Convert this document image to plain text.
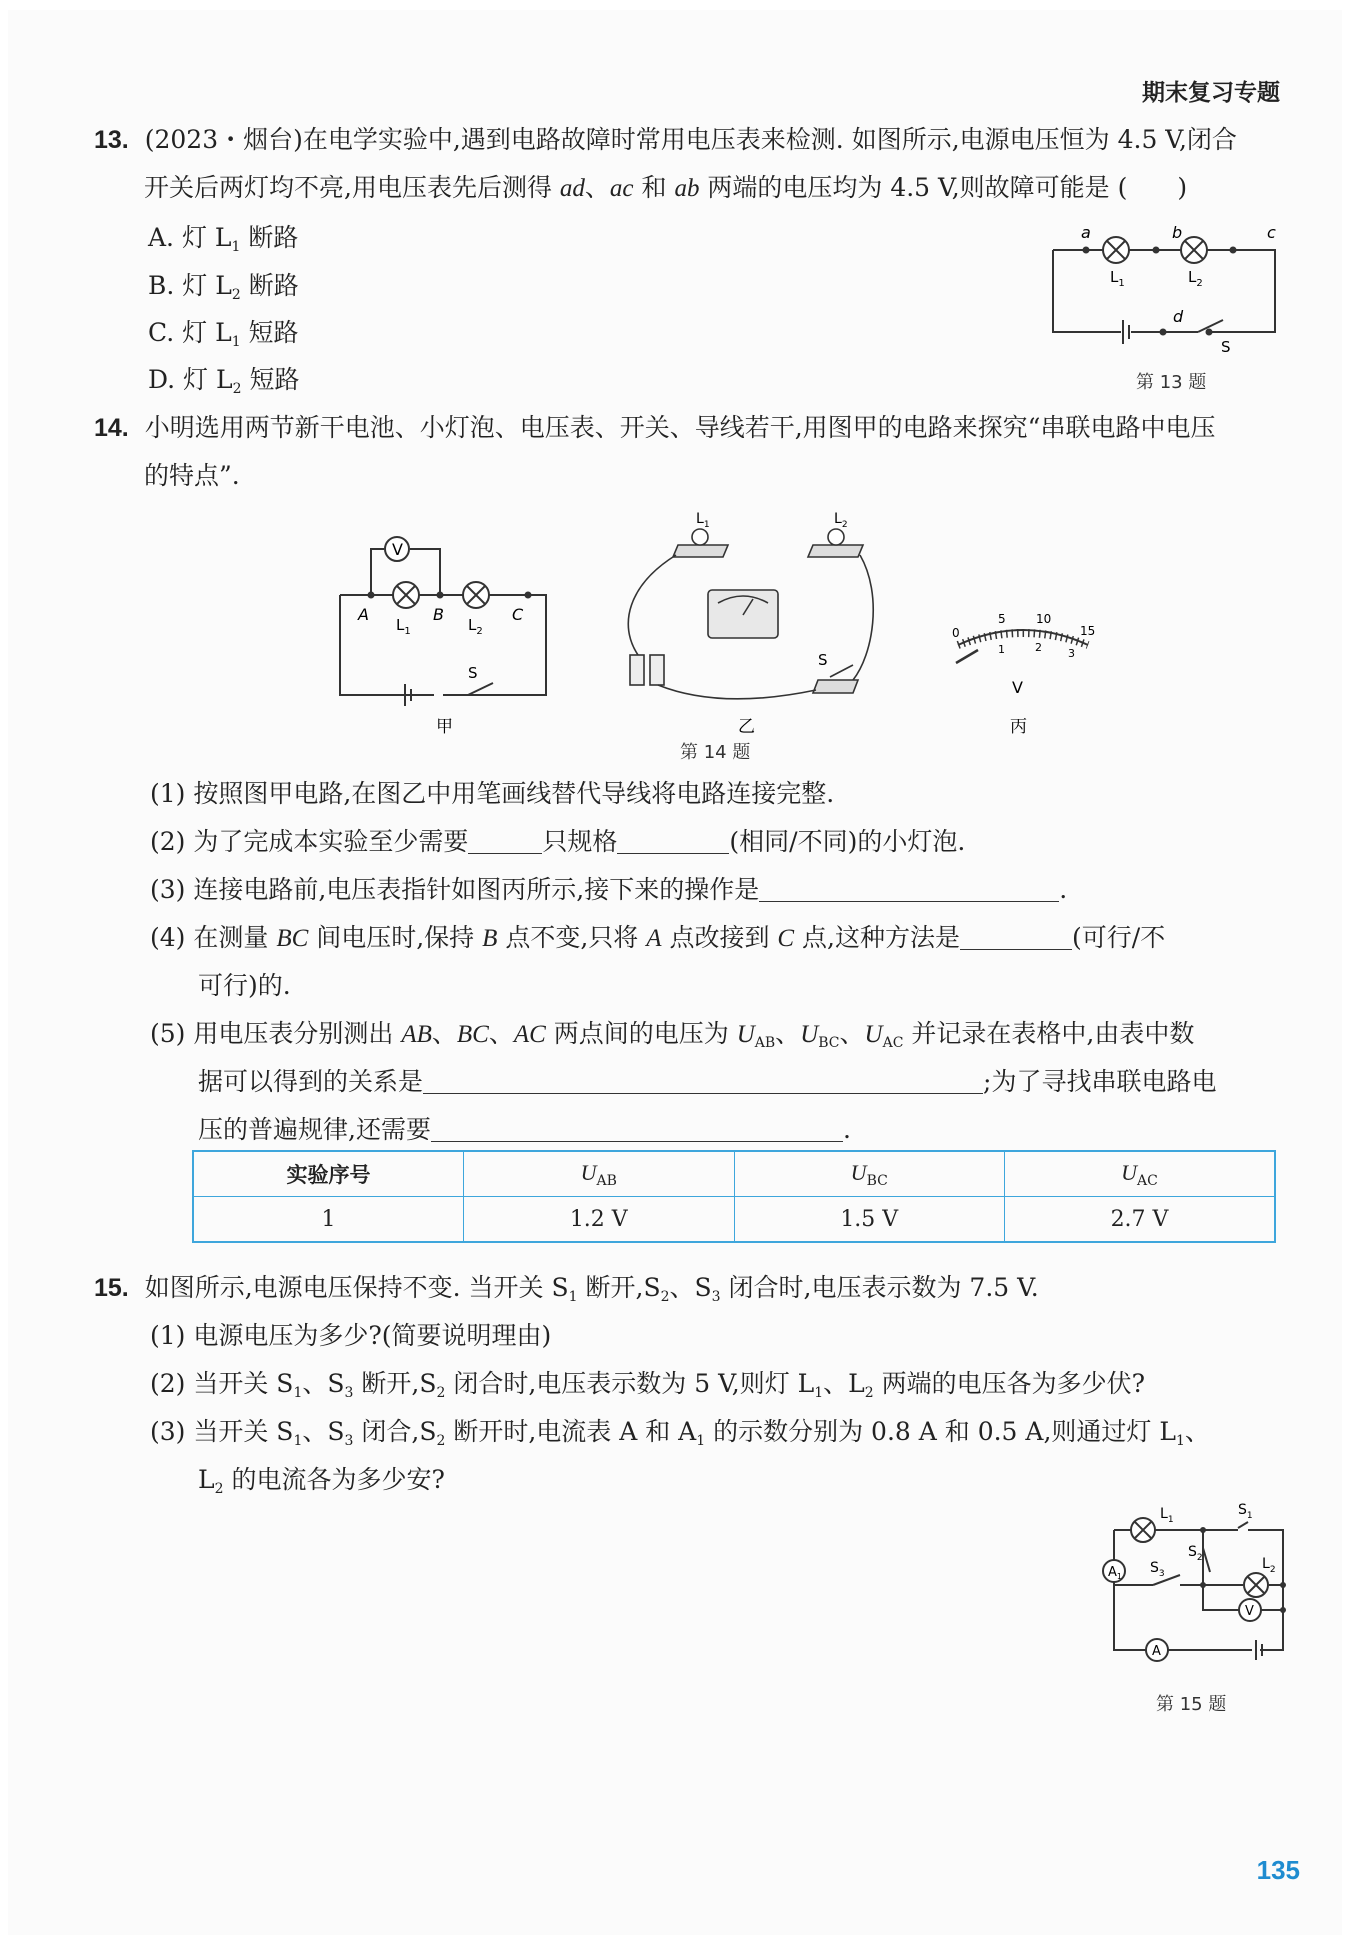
期末复习专题
13. (2023・烟台)在电学实验中,遇到电路故障时常用电压表来检测. 如图所示,电源电压恒为 4.5 V,闭合
开关后两灯均不亮,用电压表先后测得 ad、ac 和 ab 两端的电压均为 4.5 V,则故障可能是 (　　)
A. 灯 $L_1$ 断路
B. 灯 $L_2$ 断路
C. 灯 $L_1$ 短路
D. 灯 $L_2$ 短路
a	b	c
d
$L_1$	$L_2$
S
第 13 题
14. 小明选用两节新干电池、小灯泡、电压表、开关、导线若干,用图甲的电路来探究“串联电路中电压
的特点”.
V
A	B	C
$L_1$	$L_2$
S
甲
$L_1$	$L_2$
S
乙
0
5	10
15
1	2 3
V
丙
第 14 题
(1) 按照图甲电路,在图乙中用笔画线替代导线将电路连接完整.
(2) 为了完成本实验至少需要	只规格	(相同/不同)的小灯泡.
(3) 连接电路前,电压表指针如图丙所示,接下来的操作是	.
(4) 在测量 BC 间电压时,保持 B 点不变,只将 A 点改接到 C 点,这种方法是	(可行/不
可行)的.
(5) 用电压表分别测出 AB、BC、AC 两点间的电压为 $U_{AB}$、$U_{BC}$、$U_{AC}$ 并记录在表格中,由表中数
据可以得到的关系是	;为了寻找串联电路电
压的普遍规律,还需要	.
实验序号	$U_{AB}$	$U_{BC}$	$U_{AC}$
1	1.2 V	1.5 V	2.7 V
15. 如图所示,电源电压保持不变. 当开关 $S_1$ 断开$,S_2$、$S_3$ 闭合时,电压表示数为 7.5 V.
(1) 电源电压为多少?(简要说明理由)
(2) 当开关 $S_1$、$S_3$ 断开$,S_2$ 闭合时,电压表示数为 5 V,则灯 $L_1$、$L_2$ 两端的电压各为多少伏?
(3) 当开关 $S_1$、$S_3$ 闭合$,S_2$ 断开时,电流表 A 和 $A_1$ 的示数分别为 0.8 A 和 0.5 A,则通过灯 $L_1$、
$L_2$ 的电流各为多少安?
$L_1$
$L_2$
$S_1$
$S_2$
$S_3$
$A_1$
V
A
第 15 题
135
